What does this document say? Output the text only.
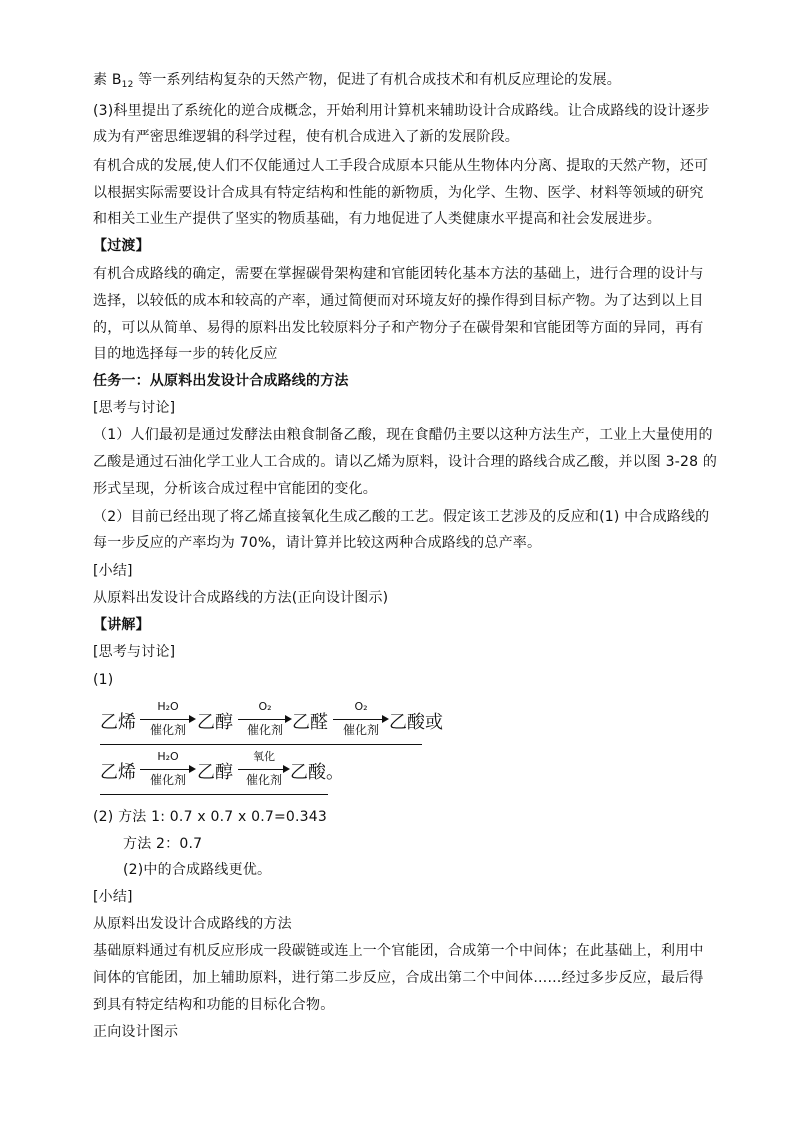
素 $B_{12}$ 等一系列结构复杂的天然产物，促进了有机合成技术和有机反应理论的发展。
(3)科里提出了系统化的逆合成概念，开始利用计算机来辅助设计合成路线。让合成路线的设计逐步
成为有严密思维逻辑的科学过程，使有机合成进入了新的发展阶段。
有机合成的发展,使人们不仅能通过人工手段合成原本只能从生物体内分离、提取的天然产物，还可
以根据实际需要设计合成具有特定结构和性能的新物质，为化学、生物、医学、材料等领域的研究
和相关工业生产提供了坚实的物质基础，有力地促进了人类健康水平提高和社会发展进步。
【过渡】
有机合成路线的确定，需要在掌握碳骨架构建和官能团转化基本方法的基础上，进行合理的设计与
选择，以较低的成本和较高的产率，通过简便而对环境友好的操作得到目标产物。为了达到以上目
的，可以从简单、易得的原料出发比较原料分子和产物分子在碳骨架和官能团等方面的异同，再有
目的地选择每一步的转化反应
任务一：从原料出发设计合成路线的方法
[思考与讨论]
（1）人们最初是通过发酵法由粮食制备乙酸，现在食醋仍主要以这种方法生产，工业上大量使用的
乙酸是通过石油化学工业人工合成的。请以乙烯为原料，设计合理的路线合成乙酸，并以图 3-28 的
形式呈现，分析该合成过程中官能团的变化。
（2）目前已经出现了将乙烯直接氧化生成乙酸的工艺。假定该工艺涉及的反应和(1) 中合成路线的
每一步反应的产率均为 70%，请计算并比较这两种合成路线的总产率。
[小结]
从原料出发设计合成路线的方法(正向设计图示)
【讲解】
[思考与讨论]
(1)
乙烯
H₂O
催化剂 乙醇
O₂
催化剂 乙醛
O₂
催化剂 乙酸或
乙烯
H₂O
催化剂 乙醇
氧化
催化剂 乙酸。
(2) 方法 1: 0.7 x 0.7 x 0.7=0.343
方法 2：0.7
(2)中的合成路线更优。
[小结]
从原料出发设计合成路线的方法
基础原料通过有机反应形成一段碳链或连上一个官能团，合成第一个中间体；在此基础上，利用中
间体的官能团，加上辅助原料，进行第二步反应，合成出第二个中间体……经过多步反应，最后得
到具有特定结构和功能的目标化合物。
正向设计图示
